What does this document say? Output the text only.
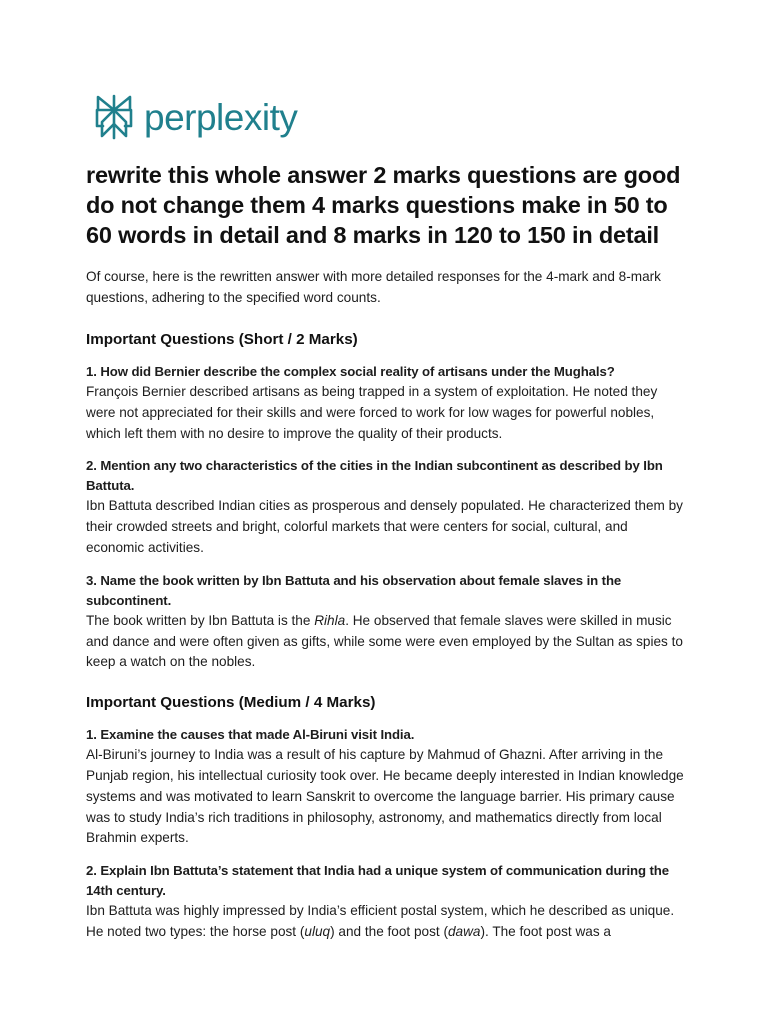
perplexity
rewrite this whole answer 2 marks questions are good do not change them 4 marks questions make in 50 to 60 words in detail and 8 marks in 120 to 150 in detail

Of course, here is the rewritten answer with more detailed responses for the 4-mark and 8-mark questions, adhering to the specified word counts.

Important Questions (Short / 2 Marks)

1. How did Bernier describe the complex social reality of artisans under the Mughals?

François Bernier described artisans as being trapped in a system of exploitation. He noted they were not appreciated for their skills and were forced to work for low wages for powerful nobles, which left them with no desire to improve the quality of their products.

2. Mention any two characteristics of the cities in the Indian subcontinent as described by Ibn Battuta.

Ibn Battuta described Indian cities as prosperous and densely populated. He characterized them by their crowded streets and bright, colorful markets that were centers for social, cultural, and economic activities.

3. Name the book written by Ibn Battuta and his observation about female slaves in the subcontinent.

The book written by Ibn Battuta is the Rihla. He observed that female slaves were skilled in music and dance and were often given as gifts, while some were even employed by the Sultan as spies to keep a watch on the nobles.

Important Questions (Medium / 4 Marks)

1. Examine the causes that made Al-Biruni visit India.

Al-Biruni’s journey to India was a result of his capture by Mahmud of Ghazni. After arriving in the Punjab region, his intellectual curiosity took over. He became deeply interested in Indian knowledge systems and was motivated to learn Sanskrit to overcome the language barrier. His primary cause was to study India’s rich traditions in philosophy, astronomy, and mathematics directly from local Brahmin experts.

2. Explain Ibn Battuta’s statement that India had a unique system of communication during the 14th century.

Ibn Battuta was highly impressed by India’s efficient postal system, which he described as unique. He noted two types: the horse post (uluq) and the foot post (dawa). The foot post was a
